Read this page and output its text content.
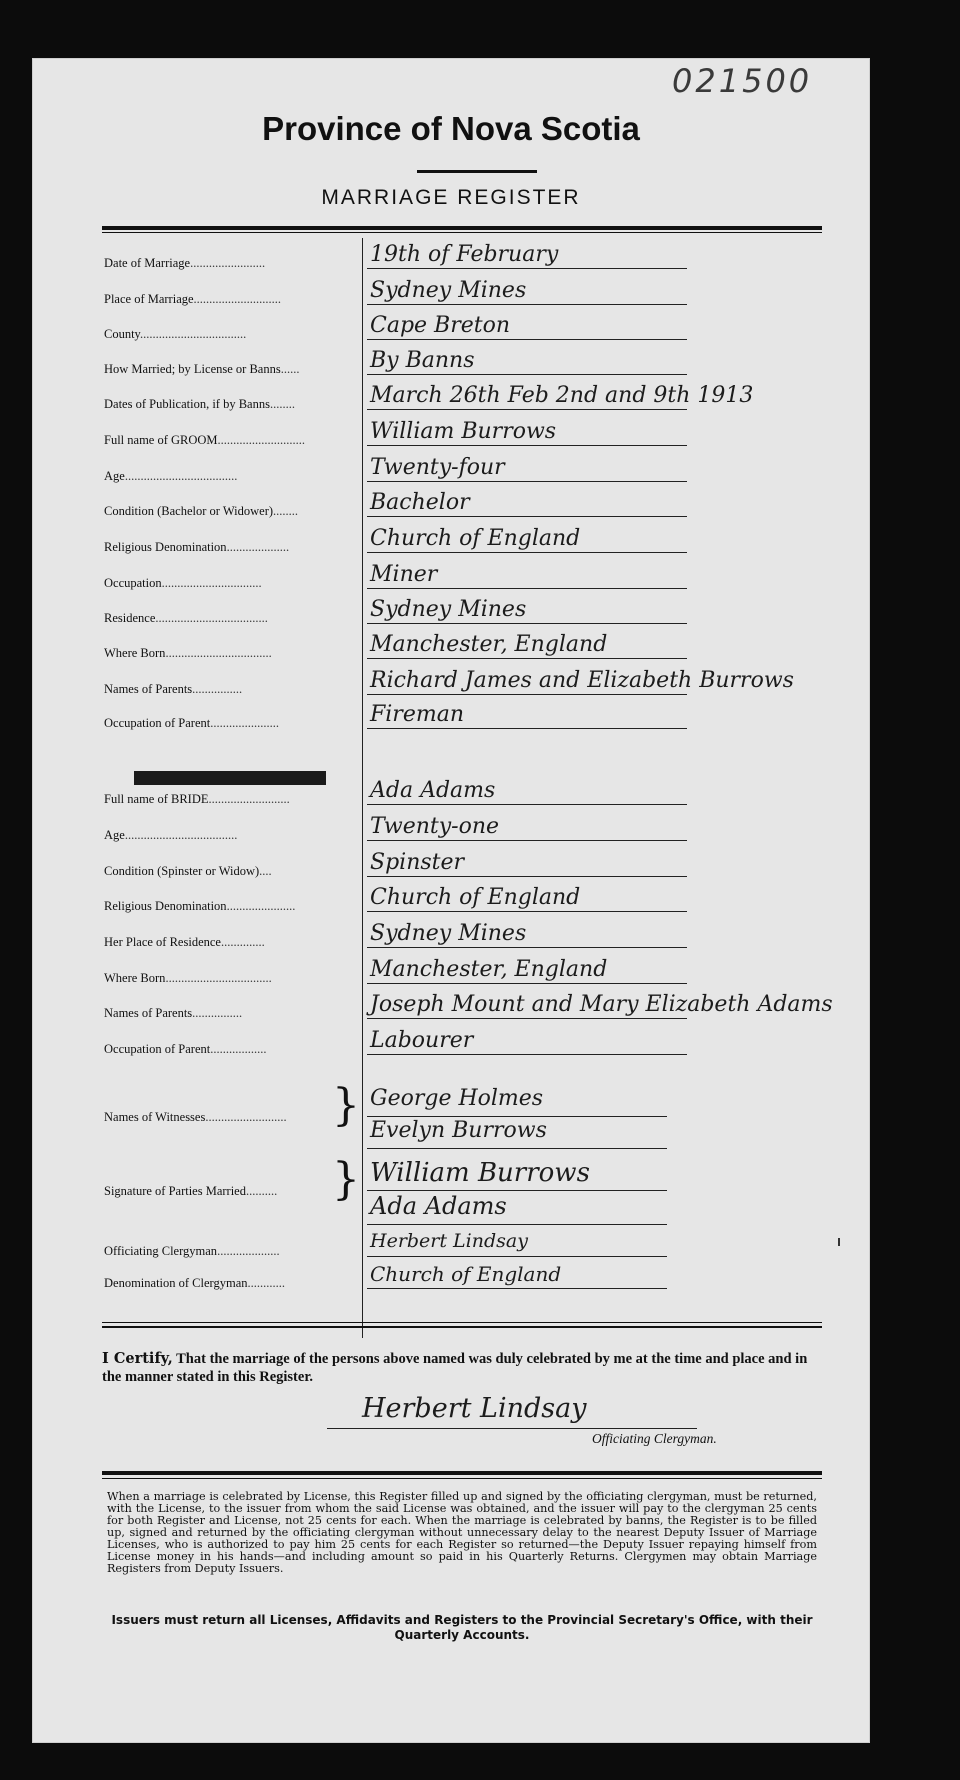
021500
Province of Nova Scotia
MARRIAGE REGISTER
Date of Marriage........................	19th of February
Place of Marriage............................	Sydney Mines
County..................................	Cape Breton
How Married; by License or Banns......	By Banns
Dates of Publication, if by Banns........	March 26th Feb 2nd and 9th 1913
Full name of GROOM............................	William Burrows
Age....................................	Twenty-four
Condition (Bachelor or Widower)........	Bachelor
Religious Denomination....................	Church of England
Occupation................................	Miner
Residence....................................	Sydney Mines
Where Born..................................	Manchester, England
Names of Parents................	Richard James and Elizabeth Burrows
Occupation of Parent......................	Fireman
Full name of BRIDE..........................	Ada Adams
Age....................................	Twenty-one
Condition (Spinster or Widow)....	Spinster
Religious Denomination......................	Church of England
Her Place of Residence..............	Sydney Mines
Where Born..................................	Manchester, England
Names of Parents................	Joseph Mount and Mary Elizabeth Adams
Occupation of Parent..................	Labourer
Names of Witnesses..........................	} George Holmes
Evelyn Burrows
Signature of Parties Married..........	} William Burrows
Ada Adams
Officiating Clergyman....................	Herbert Lindsay
Denomination of Clergyman............	Church of England
I Certify, That the marriage of the persons above named was duly celebrated by me at the time and place and in the manner stated in this Register.
Herbert Lindsay
Officiating Clergyman.
When a marriage is celebrated by License, this Register filled up and signed by the officiating clergyman, must be returned, with the License, to the issuer from whom the said License was obtained, and the issuer will pay to the clergyman 25 cents for both Register and License, not 25 cents for each. When the marriage is celebrated by banns, the Register is to be filled up, signed and returned by the officiating clergyman without unnecessary delay to the nearest Deputy Issuer of Marriage Licenses, who is authorized to pay him 25 cents for each Register so returned—the Deputy Issuer repaying himself from License money in his hands—and including amount so paid in his Quarterly Returns. Clergymen may obtain Marriage Registers from Deputy Issuers.
Issuers must return all Licenses, Affidavits and Registers to the Provincial Secretary's Office, with their Quarterly Accounts.
